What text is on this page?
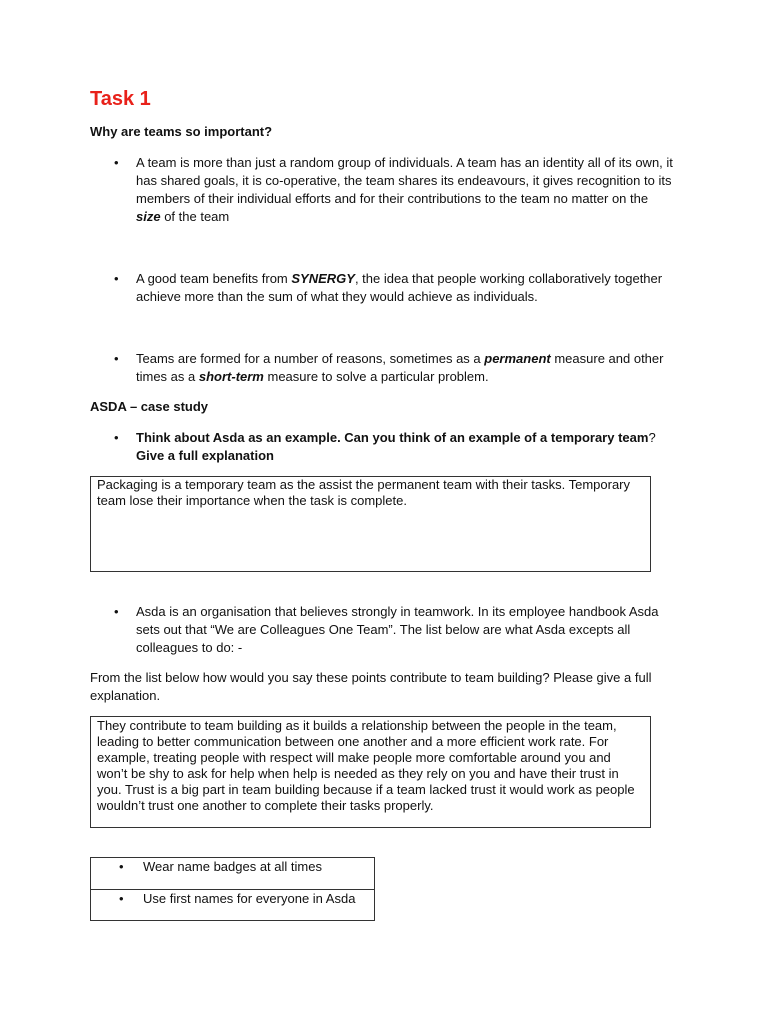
Task 1
Why are teams so important?
• A team is more than just a random group of individuals. A team has an identity all of its own, it has shared goals, it is co-operative, the team shares its endeavours, it gives recognition to its members of their individual efforts and for their contributions to the team no matter on the size of the team
• A good team benefits from SYNERGY, the idea that people working collaboratively together achieve more than the sum of what they would achieve as individuals.
• Teams are formed for a number of reasons, sometimes as a permanent measure and other times as a short-term measure to solve a particular problem.
ASDA – case study
• Think about Asda as an example. Can you think of an example of a temporary team?
Give a full explanation
Packaging is a temporary team as the assist the permanent team with their tasks. Temporary team lose their importance when the task is complete.
• Asda is an organisation that believes strongly in teamwork. In its employee handbook Asda sets out that “We are Colleagues One Team”. The list below are what Asda excepts all colleagues to do: -
From the list below how would you say these points contribute to team building? Please give a full explanation.
They contribute to team building as it builds a relationship between the people in the team, leading to better communication between one another and a more efficient work rate. For example, treating people with respect will make people more comfortable around you and won’t be shy to ask for help when help is needed as they rely on you and have their trust in you. Trust is a big part in team building because if a team lacked trust it would work as people wouldn’t trust one another to complete their tasks properly.
• Wear name badges at all times
• Use first names for everyone in Asda
